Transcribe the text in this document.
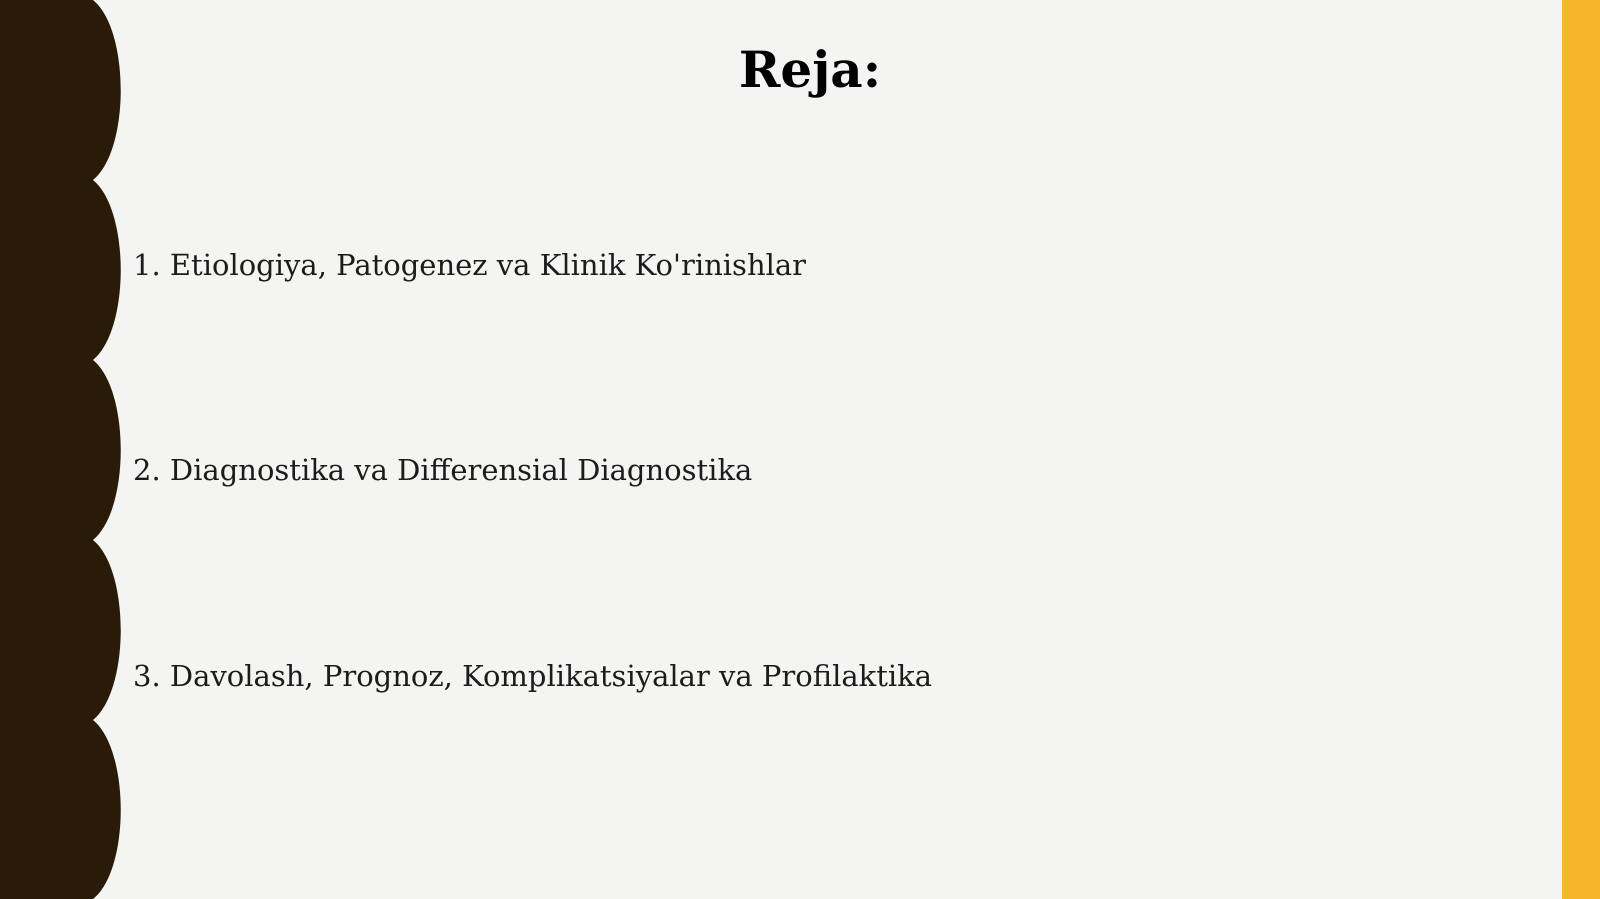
Reja:
1. Etiologiya, Patogenez va Klinik Ko'rinishlar
2. Diagnostika va Differensial Diagnostika
3. Davolash, Prognoz, Komplikatsiyalar va Profilaktika
